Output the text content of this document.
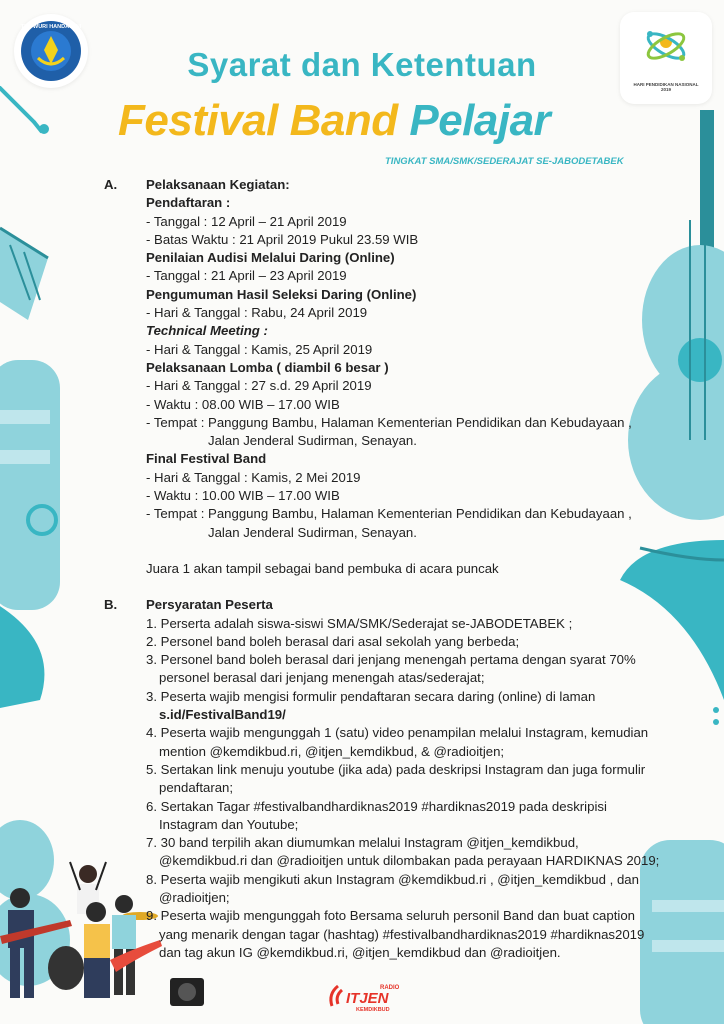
TUT WURI HANDAYANI
HARI PENDIDIKAN NASIONAL
2019
Syarat dan Ketentuan
Festival Band Pelajar
TINGKAT SMA/SMK/SEDERAJAT SE-JABODETABEK
A.	Pelaksanaan Kegiatan:
Pendaftaran :
- Tanggal : 12 April – 21 April 2019
- Batas Waktu : 21 April 2019 Pukul 23.59 WIB
Penilaian Audisi Melalui Daring (Online)
- Tanggal : 21 April – 23 April 2019
Pengumuman Hasil Seleksi Daring (Online)
- Hari & Tanggal : Rabu, 24 April 2019
Technical Meeting :
- Hari & Tanggal : Kamis, 25 April 2019
Pelaksanaan Lomba ( diambil 6 besar )
- Hari & Tanggal : 27 s.d. 29 April 2019
- Waktu : 08.00 WIB – 17.00 WIB
- Tempat : Panggung Bambu, Halaman Kementerian Pendidikan dan Kebudayaan ,
Jalan Jenderal Sudirman, Senayan.
Final Festival Band
- Hari & Tanggal : Kamis, 2 Mei 2019
- Waktu : 10.00 WIB – 17.00 WIB
- Tempat : Panggung Bambu, Halaman Kementerian Pendidikan dan Kebudayaan ,
Jalan Jenderal Sudirman, Senayan.
Juara 1 akan tampil sebagai band pembuka di acara puncak
B.	Persyaratan Peserta
1. Perserta adalah siswa-siswi SMA/SMK/Sederajat se-JABODETABEK ;
2. Personel band boleh berasal dari asal sekolah yang berbeda;
3. Personel band boleh berasal dari jenjang menengah pertama dengan syarat 70%
personel berasal dari jenjang menengah atas/sederajat;
3. Peserta wajib mengisi formulir pendaftaran secara daring (online) di laman
s.id/FestivalBand19/
4. Peserta wajib mengunggah 1 (satu) video penampilan melalui Instagram, kemudian
mention @kemdikbud.ri, @itjen_kemdikbud, & @radioitjen;
5. Sertakan link menuju youtube (jika ada) pada deskripsi Instagram dan juga formulir
pendaftaran;
6. Sertakan Tagar #festivalbandhardiknas2019 #hardiknas2019 pada deskripisi
Instagram dan Youtube;
7. 30 band terpilih akan diumumkan melalui Instagram @itjen_kemdikbud,
@kemdikbud.ri dan @radioitjen untuk dilombakan pada perayaan HARDIKNAS 2019;
8. Peserta wajib mengikuti akun Instagram @kemdikbud.ri , @itjen_kemdikbud , dan
@radioitjen;
9. Peserta wajib mengunggah foto Bersama seluruh personil Band dan buat caption
yang menarik dengan tagar (hashtag) #festivalbandhardiknas2019 #hardiknas2019
dan tag akun IG @kemdikbud.ri, @itjen_kemdikbud dan @radioitjen.
RADIO
ITJEN
KEMDIKBUD
